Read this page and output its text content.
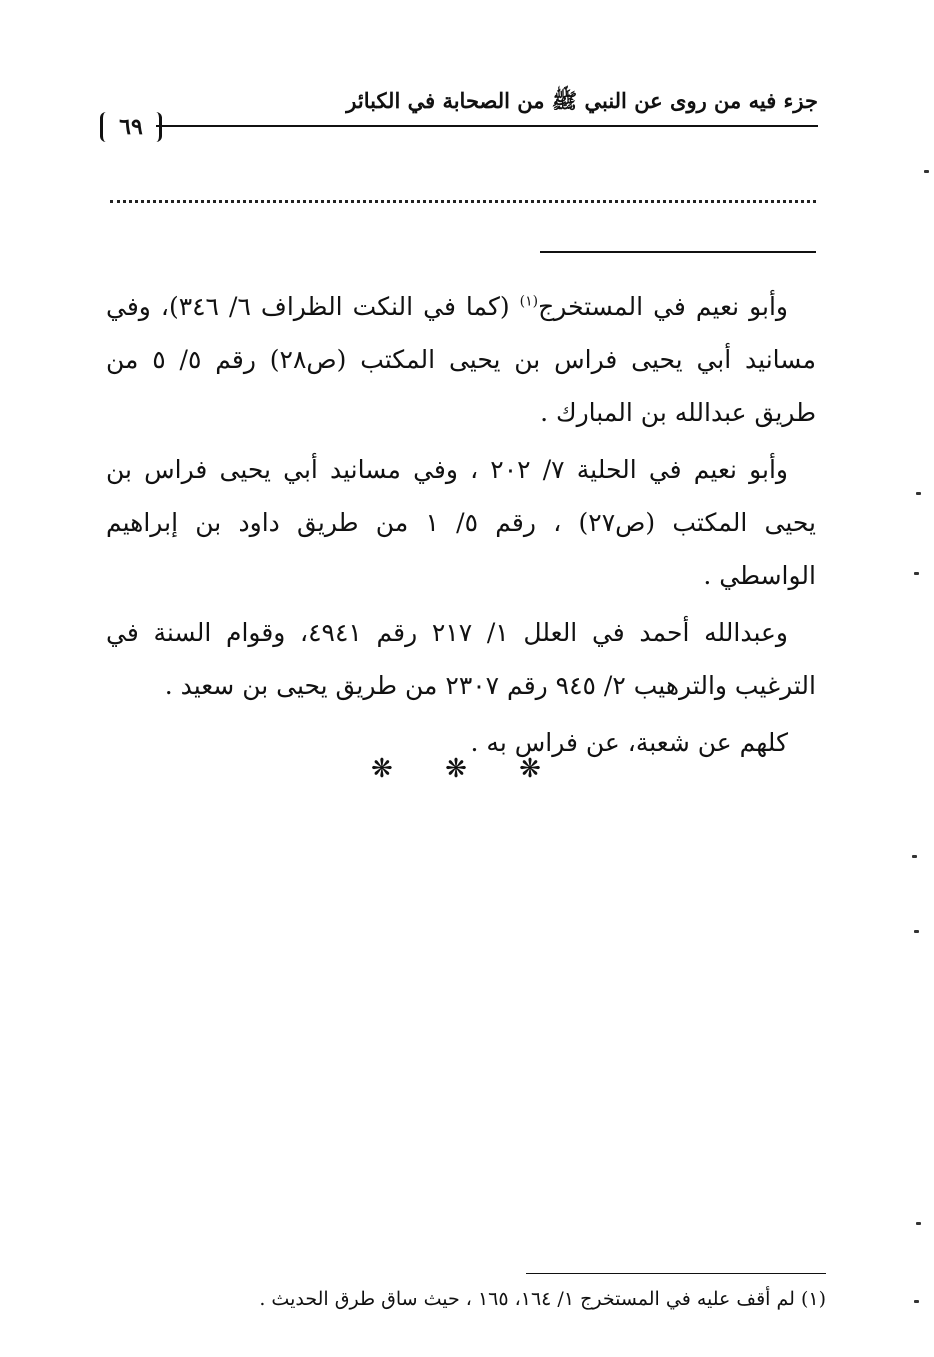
جزء فيه من روى عن النبي ﷺ من الصحابة في الكبائر
٦٩

وأبو نعيم في المستخرج$^{(١)}$ (كما في النكت الظراف ٦/ ٣٤٦)، وفي مسانيد أبي يحيى فراس بن يحيى المكتب (ص٢٨) رقم ٥/ ٥ من طريق عبدالله بن المبارك .

وأبو نعيم في الحلية ٧/ ٢٠٢ ، وفي مسانيد أبي يحيى فراس بن يحيى المكتب (ص٢٧) ، رقم ٥/ ١ من طريق داود بن إبراهيم الواسطي .

وعبدالله أحمد في العلل ١/ ٢١٧ رقم ٤٩٤١، وقوام السنة في الترغيب والترهيب ٢/ ٩٤٥ رقم ٢٣٠٧ من طريق يحيى بن سعيد .

كلهم عن شعبة، عن فراس به .

❋ ❋ ❋
(١) لم أقف عليه في المستخرج ١/ ١٦٤، ١٦٥ ، حيث ساق طرق الحديث .
